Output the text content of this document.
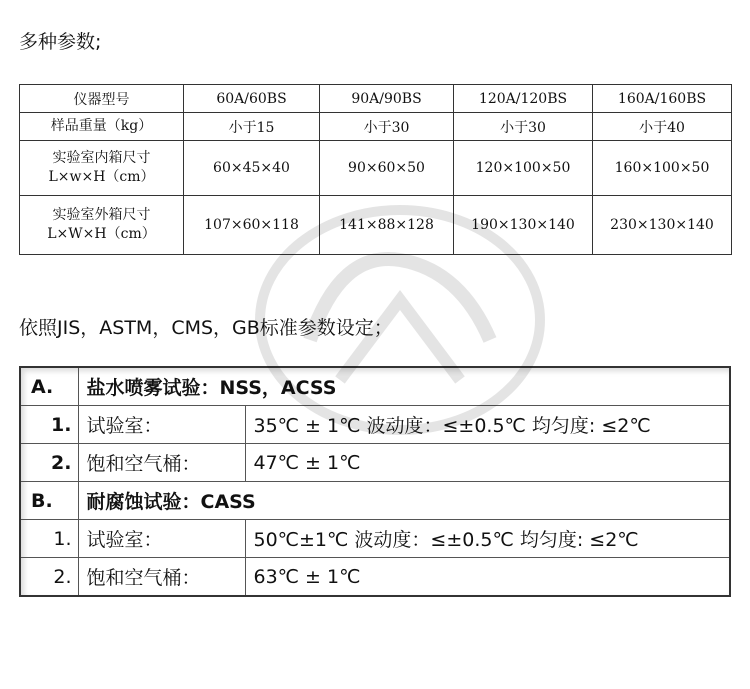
多种参数;
仪器型号	60A/60BS	90A/90BS	120A/120BS	160A/160BS

样品重量（kg）	小于15	小于30	小于30	小于40

实验室内箱尺寸
L×w×H（cm）	60×45×40	90×60×50	120×100×50	160×100×50

实验室外箱尺寸
L×W×H（cm）	107×60×118	141×88×128	190×130×140	230×130×140
依照JIS，ASTM，CMS，GB标准参数设定；
A.	盐水喷雾试验：NSS，ACSS	
1.	试验室：	35℃ ± 1℃ 波动度：≤±0.5℃ 均匀度: ≤2℃
2.	饱和空气桶：	47℃ ± 1℃
B.	耐腐蚀试验：CASS	
1.	试验室：	50℃±1℃ 波动度：≤±0.5℃ 均匀度: ≤2℃
2.	饱和空气桶：	63℃ ± 1℃
